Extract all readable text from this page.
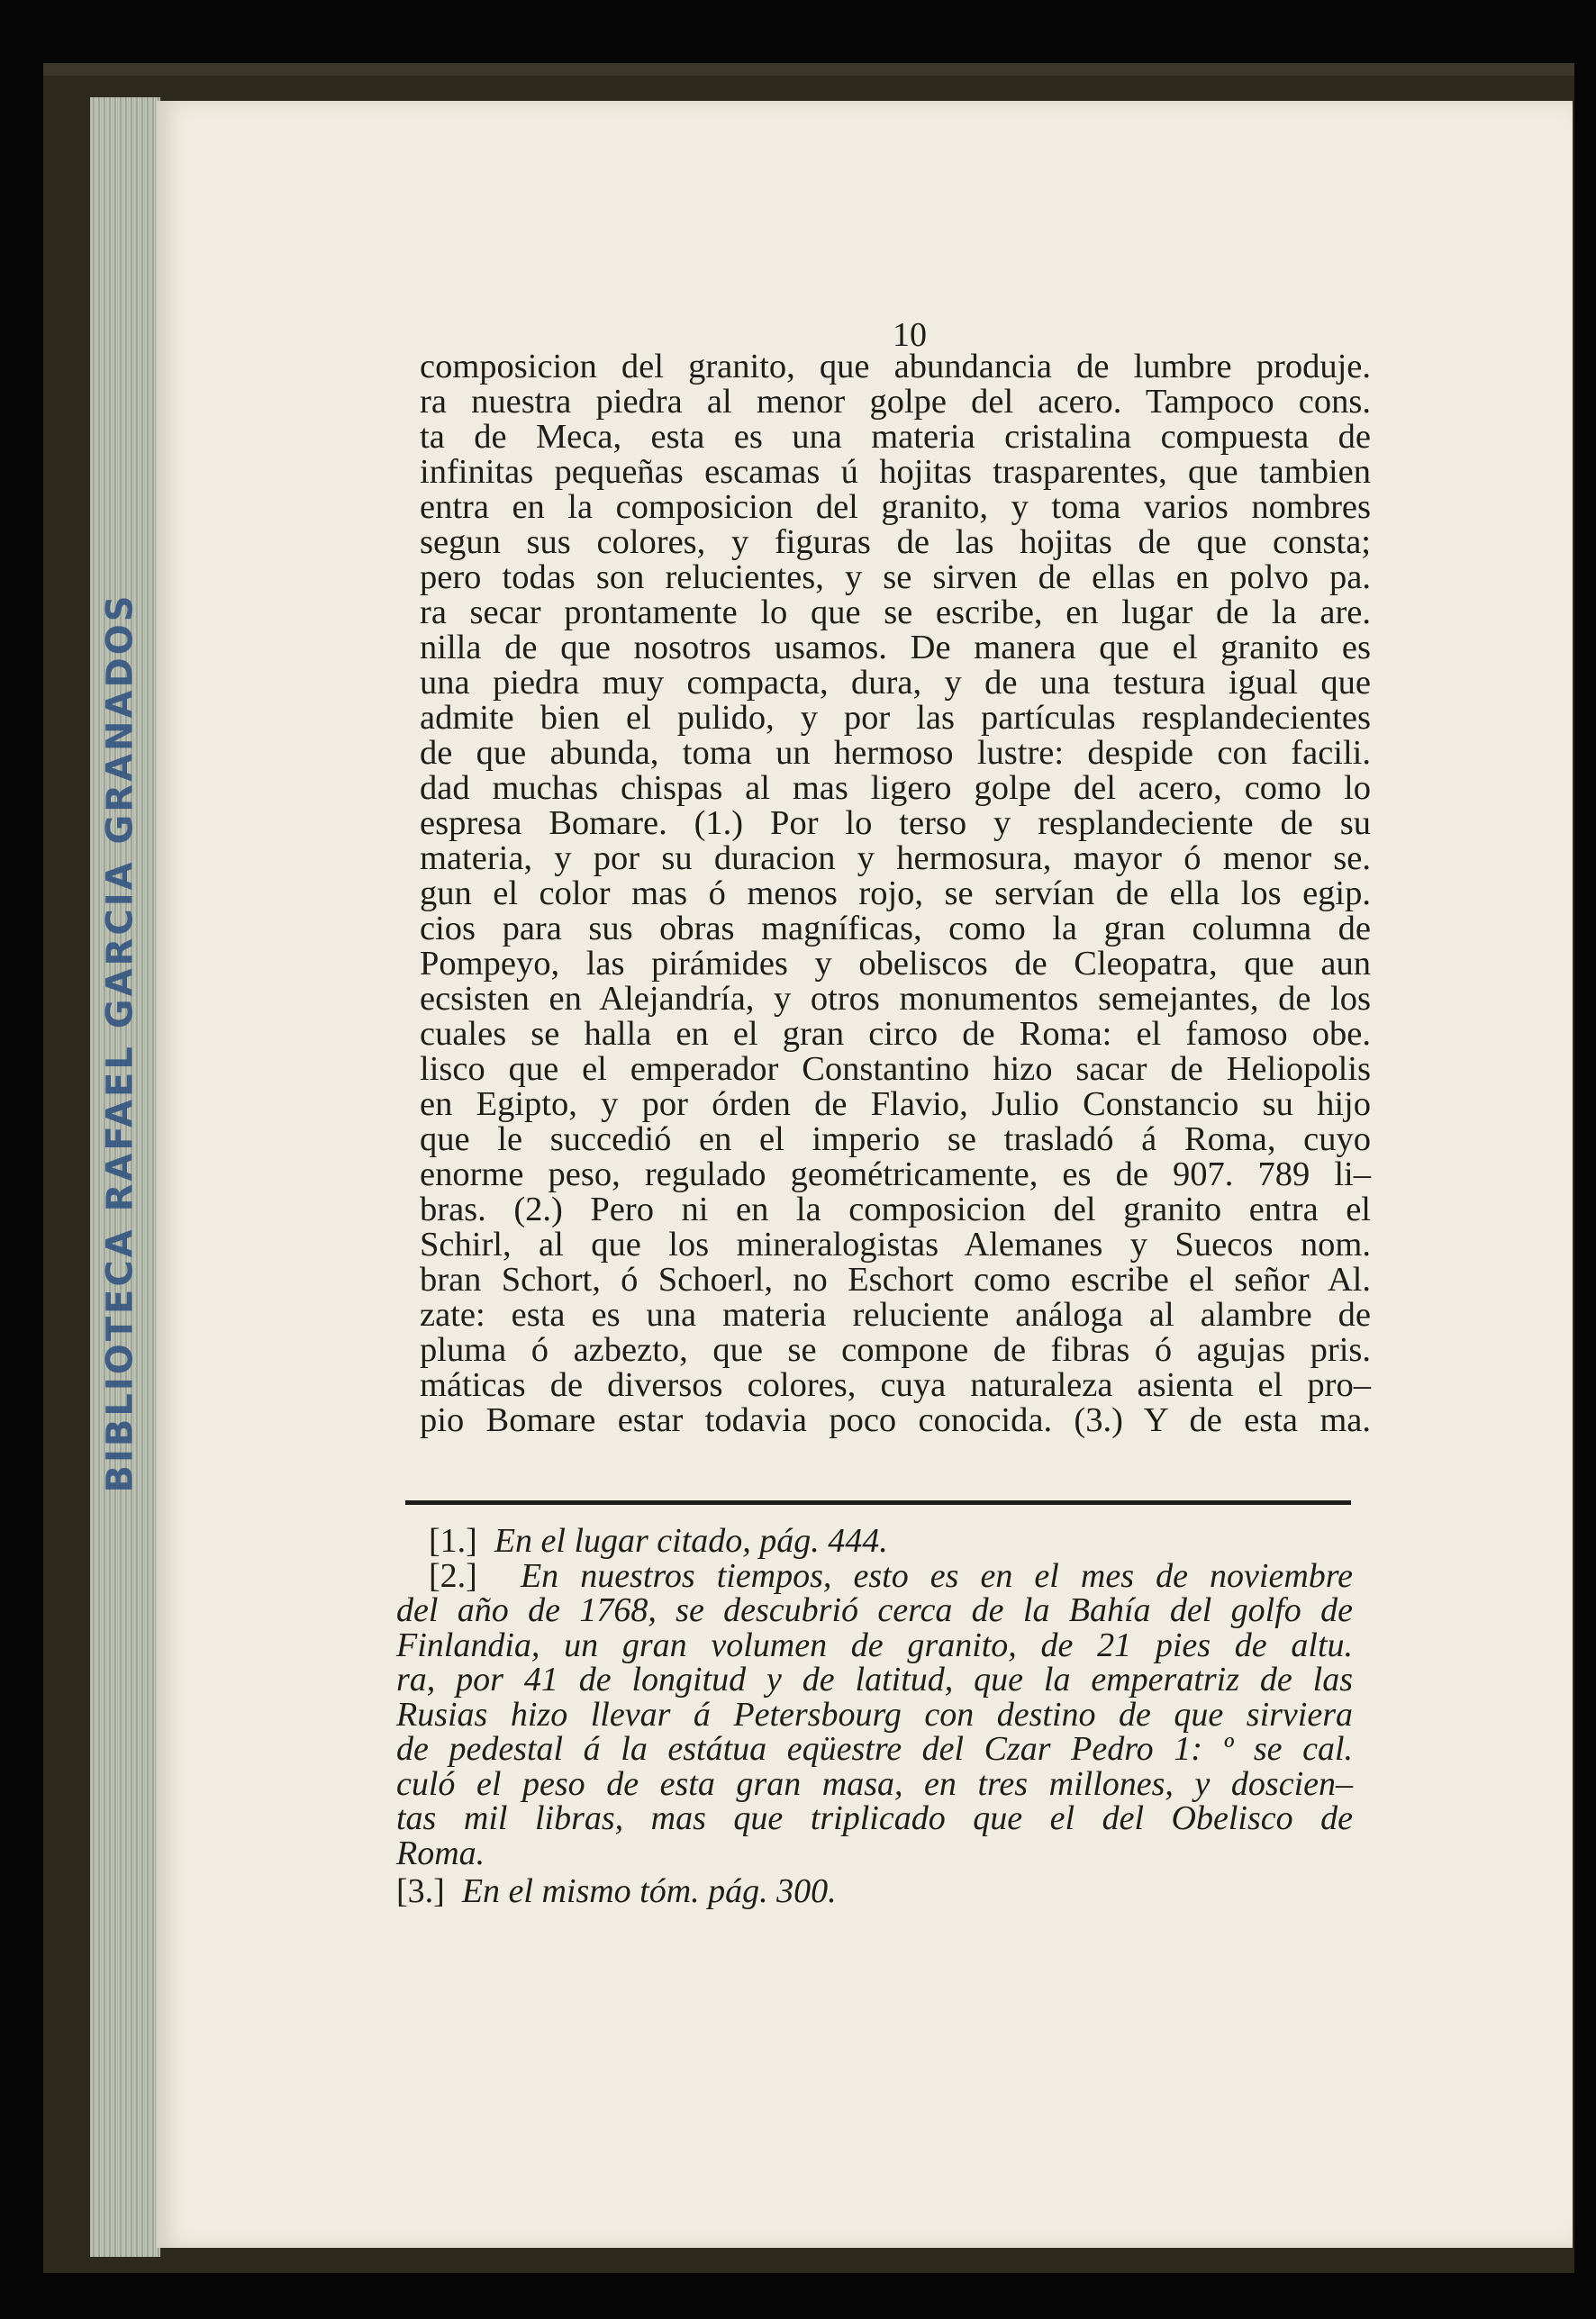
BIBLIOTECA RAFAEL GARCIA GRANADOS
10
composicion del granito, que abundancia de lumbre produje.
ra nuestra piedra al menor golpe del acero. Tampoco cons.
ta de Meca, esta es una materia cristalina compuesta de
infinitas pequeñas escamas ú hojitas trasparentes, que tambien
entra en la composicion del granito, y toma varios nombres
segun sus colores, y figuras de las hojitas de que consta;
pero todas son relucientes, y se sirven de ellas en polvo pa.
ra secar prontamente lo que se escribe, en lugar de la are.
nilla de que nosotros usamos. De manera que el granito es
una piedra muy compacta, dura, y de una testura igual que
admite bien el pulido, y por las partículas resplandecientes
de que abunda, toma un hermoso lustre: despide con facili.
dad muchas chispas al mas ligero golpe del acero, como lo
espresa Bomare. (1.) Por lo terso y resplandeciente de su
materia, y por su duracion y hermosura, mayor ó menor se.
gun el color mas ó menos rojo, se servían de ella los egip.
cios para sus obras magníficas, como la gran columna de
Pompeyo, las pirámides y obeliscos de Cleopatra, que aun
ecsisten en Alejandría, y otros monumentos semejantes, de los
cuales se halla en el gran circo de Roma: el famoso obe.
lisco que el emperador Constantino hizo sacar de Heliopolis
en Egipto, y por órden de Flavio, Julio Constancio su hijo
que le succedió en el imperio se trasladó á Roma, cuyo
enorme peso, regulado geométricamente, es de 907. 789 li–
bras. (2.) Pero ni en la composicion del granito entra el
Schirl, al que los mineralogistas Alemanes y Suecos nom.
bran Schort, ó Schoerl, no Eschort como escribe el señor Al.
zate: esta es una materia reluciente análoga al alambre de
pluma ó azbezto, que se compone de fibras ó agujas pris.
máticas de diversos colores, cuya naturaleza asienta el pro–
pio Bomare estar todavia poco conocida. (3.) Y de esta ma.
[1.] En el lugar citado, pág. 444.
[2.] En nuestros tiempos, esto es en el mes de noviembre
del año de 1768, se descubrió cerca de la Bahía del golfo de
Finlandia, un gran volumen de granito, de 21 pies de altu.
ra, por 41 de longitud y de latitud, que la emperatriz de las
Rusias hizo llevar á Petersbourg con destino de que sirviera
de pedestal á la estátua eqüestre del Czar Pedro 1: º se cal.
culó el peso de esta gran masa, en tres millones, y doscien–
tas mil libras, mas que triplicado que el del Obelisco de
Roma.
[3.] En el mismo tóm. pág. 300.
